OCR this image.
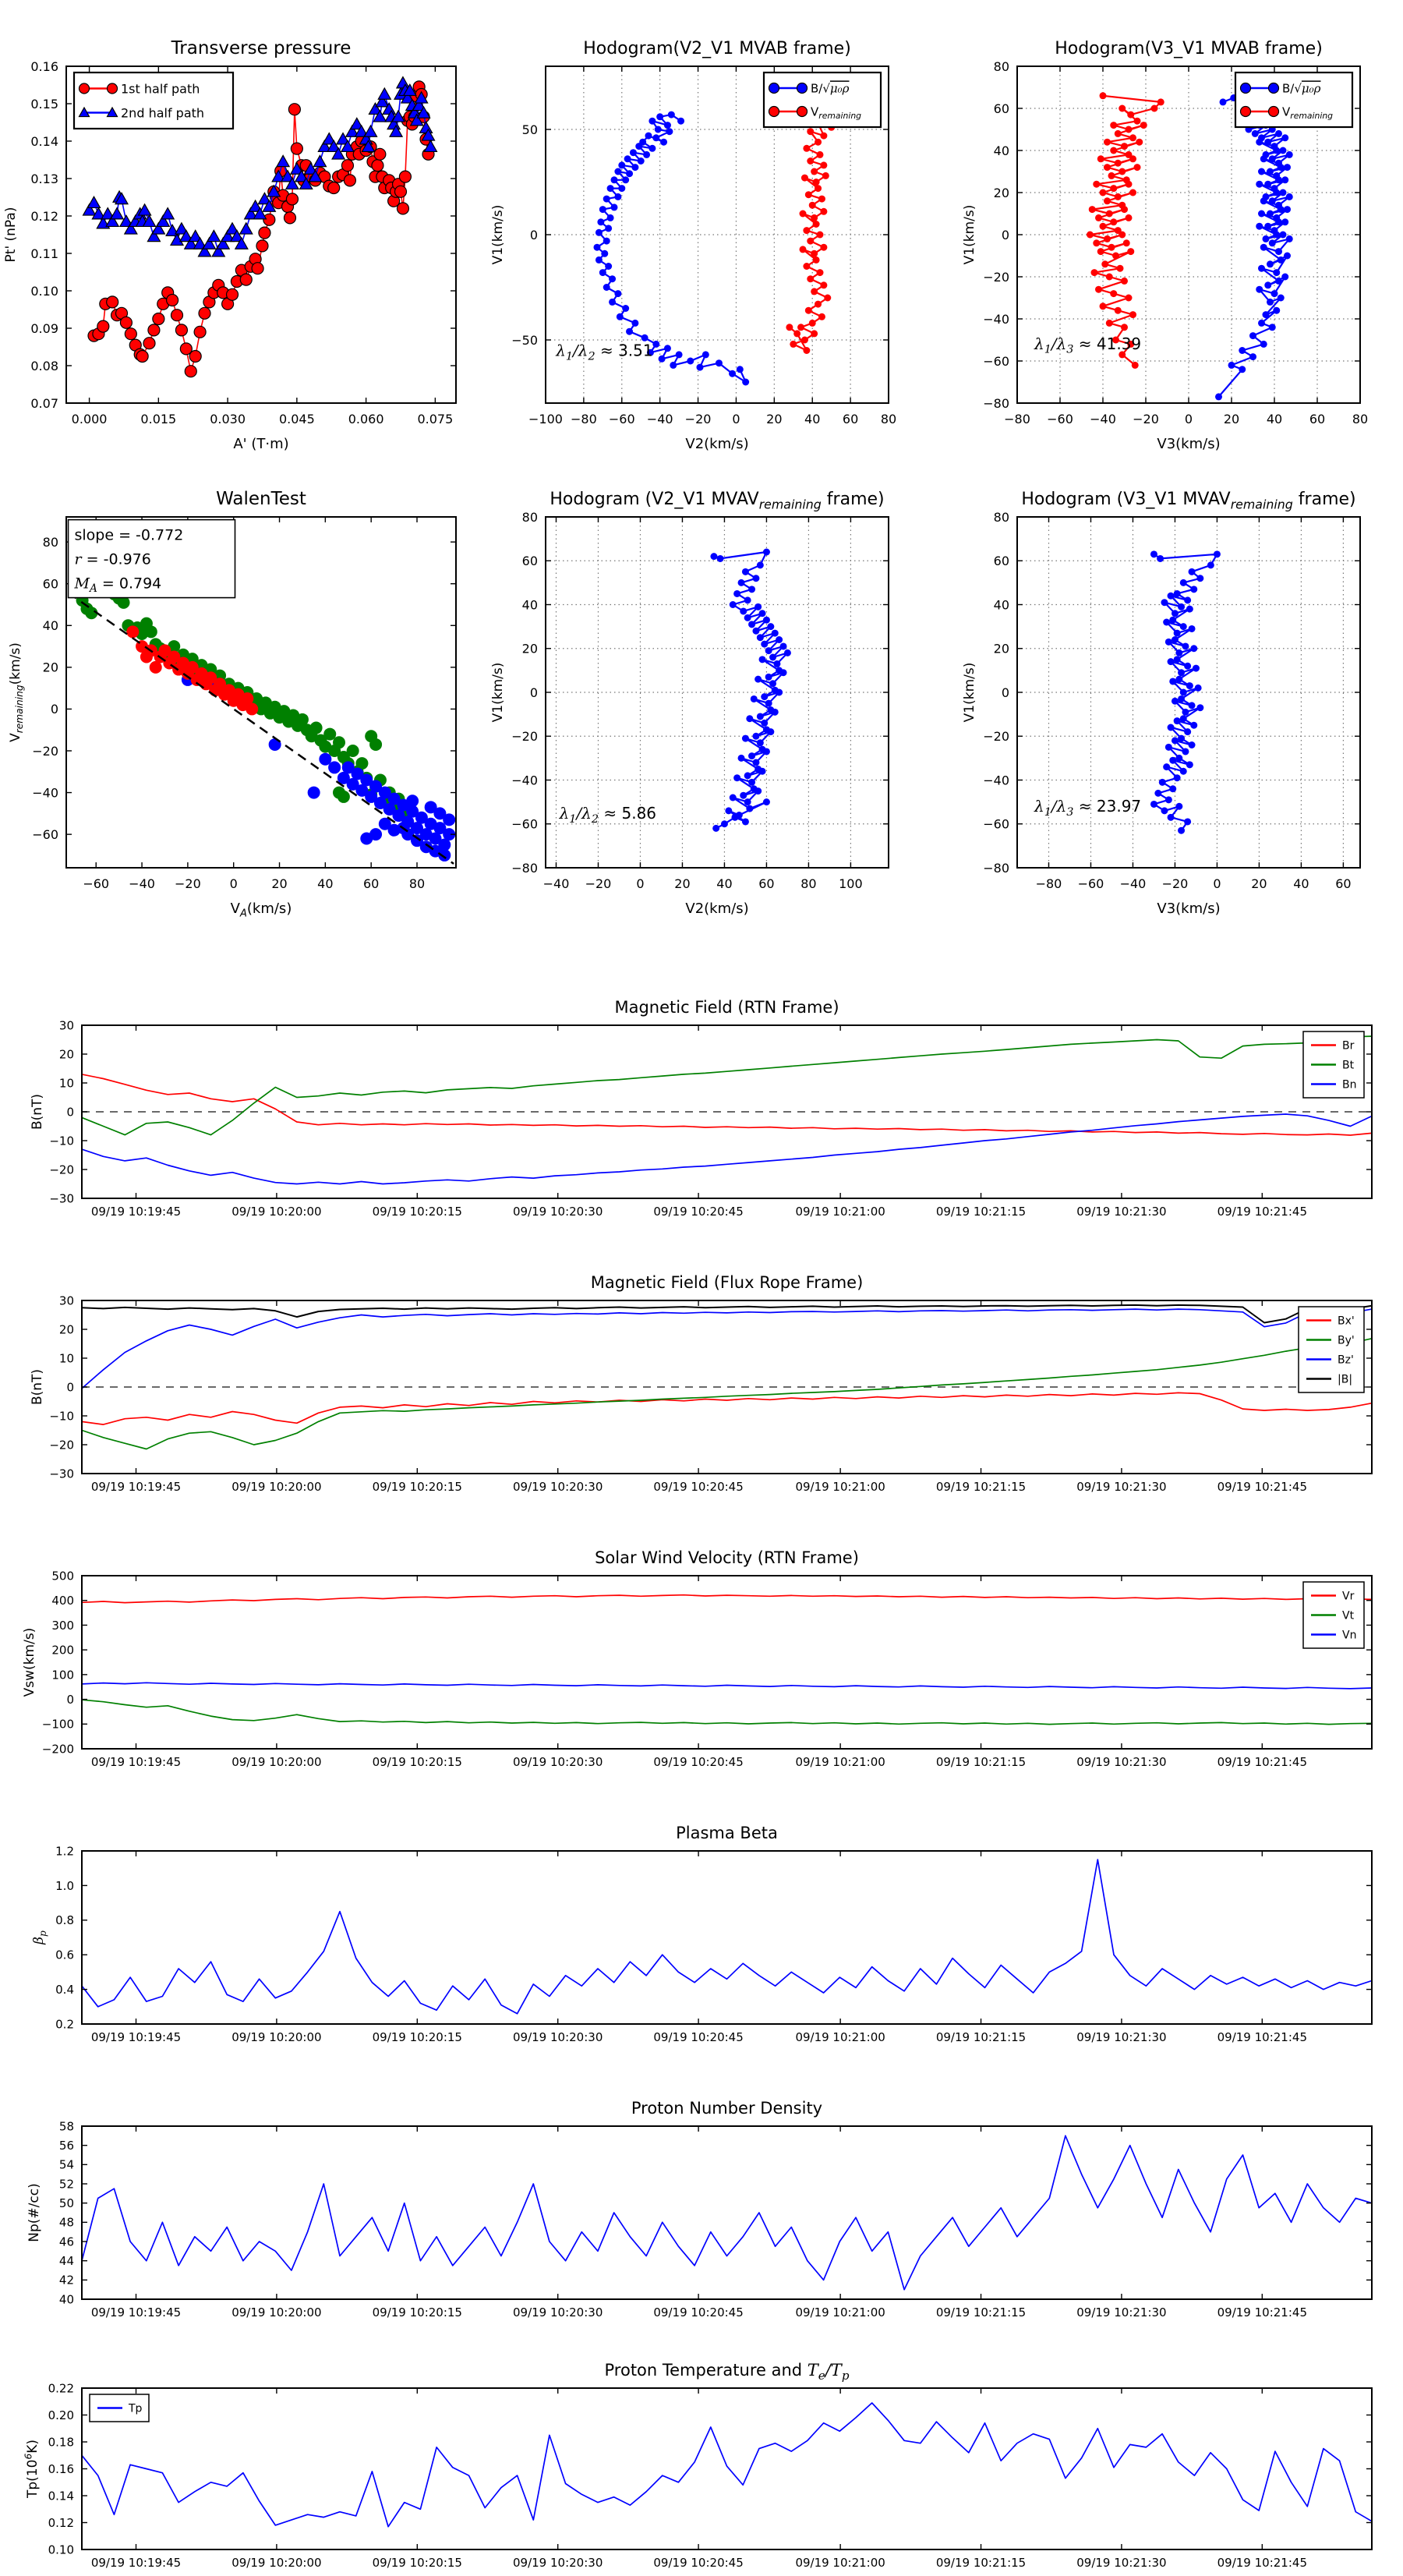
0.000	0.015	0.030	0.045	0.060	0.075
0.07
0.08
0.09
0.10
0.11
0.12
0.13
0.14
0.15
0.16
Transverse pressure
A' (T·m)
Pt' (nPa)
1st half path
2nd half path
−100 −80 −60 −40 −20 0 20 40 60 80
−50
0
50
Hodogram(V2_V1 MVAB frame)
V2(km/s)
V1(km/s)
B/√μ₀ρ
$V_{remaining}$
$\lambda_1/\lambda_2 \approx 3.51$
−80 −60 −40 −20 0 20 40 60 80
−80
−60
−40
−20
0
20
40
60
80
Hodogram(V3_V1 MVAB frame)
V3(km/s)
V1(km/s)
B/√μ₀ρ
$V_{remaining}$
$\lambda_1/\lambda_3 \approx 41.39$
−60 −40 −20 0	20 40 60 80
−60
−40
−20
0
20
40
60
80
WalenTest
$V_A(km/s)$
$V_{remaining}(km/s)$
slope = -0.772
r = -0.976
$M_A = 0.794$
−40 −20 0 20 40 60 80 100
−80
−60
−40
−20
0
20
40
60
80
Hodogram (V2_V1 $MVAV_{remaining}$ frame)
V2(km/s)
V1(km/s)
$\lambda_1/\lambda_2 \approx 5.86$
−80 −60 −40 −20 0 20 40 60
−80
−60
−40
−20
0
20
40
60
80
Hodogram (V3_V1 $MVAV_{remaining}$ frame)
V3(km/s)
V1(km/s)
$\lambda_1/\lambda_3 \approx 23.97$
09/19 10:19:45	09/19 10:20:00	09/19 10:20:15	09/19 10:20:30	09/19 10:20:45	09/19 10:21:00	09/19 10:21:15	09/19 10:21:30	09/19 10:21:45
−30
−20
−10
0
10
20
30
Magnetic Field (RTN Frame)
B(nT)
Br
Bt
Bn
09/19 10:19:45	09/19 10:20:00	09/19 10:20:15	09/19 10:20:30	09/19 10:20:45	09/19 10:21:00	09/19 10:21:15	09/19 10:21:30	09/19 10:21:45
−30
−20
−10
0
10
20
30
Magnetic Field (Flux Rope Frame)
B(nT)
Bx'
By'
Bz'
|B|
09/19 10:19:45	09/19 10:20:00	09/19 10:20:15	09/19 10:20:30	09/19 10:20:45	09/19 10:21:00	09/19 10:21:15	09/19 10:21:30	09/19 10:21:45
−200
−100
0
100
200
300
400
500
Solar Wind Velocity (RTN Frame)
Vsw(km/s)
Vr
Vt
Vn
09/19 10:19:45	09/19 10:20:00	09/19 10:20:15	09/19 10:20:30	09/19 10:20:45	09/19 10:21:00	09/19 10:21:15	09/19 10:21:30	09/19 10:21:45
0.2
0.4
0.6
0.8
1.0
1.2
Plasma Beta
$\beta_p$
09/19 10:19:45	09/19 10:20:00	09/19 10:20:15	09/19 10:20:30	09/19 10:20:45	09/19 10:21:00	09/19 10:21:15	09/19 10:21:30	09/19 10:21:45
40
42
44
46
48
50
52
54
56
58
Proton Number Density
Np(#/cc)
09/19 10:19:45	09/19 10:20:00	09/19 10:20:15	09/19 10:20:30	09/19 10:20:45	09/19 10:21:00	09/19 10:21:15	09/19 10:21:30	09/19 10:21:45
0.10
0.12
0.14
0.16
0.18
0.20
0.22
Proton Temperature and $T_e/T_p$
$Tp(10^6K)$
Tp
